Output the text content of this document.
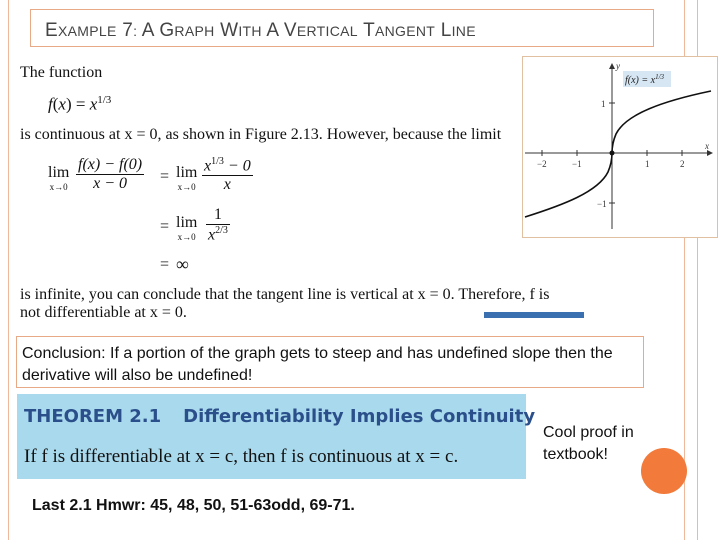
EXAMPLE 7: A GRAPH WITH A VERTICAL TANGENT LINE
The function
$f(x) = x^{1/3}$
is continuous at x = 0, as shown in Figure 2.13. However, because the limit
lim
$x\to 0 \frac{f(x) - f(0)}{x - 0} = \lim$
$x\to 0 \frac{x^{1/3} - 0}{x}$
= lim
$x\to 0 \frac{1}{x^{2/3}}$
= ∞
is infinite, you can conclude that the tangent line is vertical at x = 0. Therefore, f is
not differentiable at x = 0.
−2	−1	1	2
1
−1
x
y
$f(x) = x^{1/3}$
Conclusion: If a portion of the graph gets to steep and has undefined slope then the derivative will also be undefined!
THEOREM 2.1 Differentiability Implies Continuity
If f is differentiable at x = c, then f is continuous at x = c.
Cool proof in textbook!
Last 2.1 Hmwr: 45, 48, 50, 51-63odd, 69-71.
